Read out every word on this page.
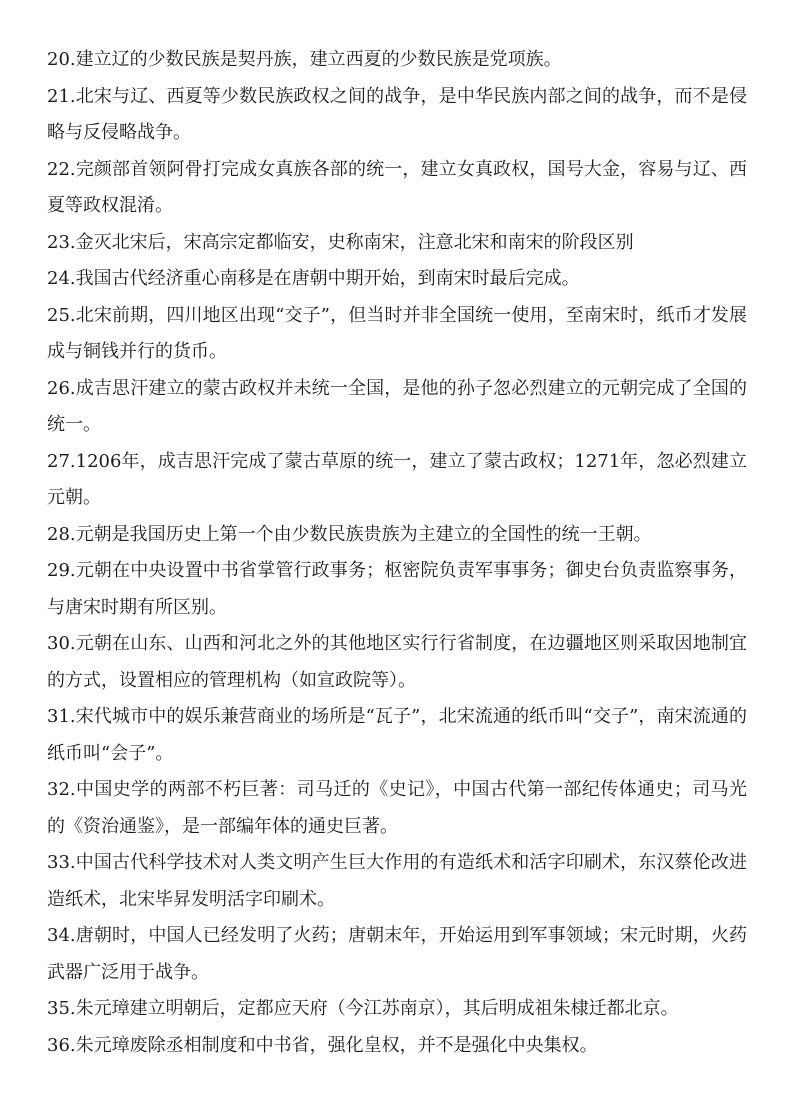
20.建立辽的少数民族是契丹族，建立西夏的少数民族是党项族。

21.北宋与辽、西夏等少数民族政权之间的战争，是中华民族内部之间的战争，而不是侵略与反侵略战争。

22.完颜部首领阿骨打完成女真族各部的统一，建立女真政权，国号大金，容易与辽、西夏等政权混淆。

23.金灭北宋后，宋高宗定都临安，史称南宋，注意北宋和南宋的阶段区别

24.我国古代经济重心南移是在唐朝中期开始，到南宋时最后完成。

25.北宋前期，四川地区出现“交子”，但当时并非全国统一使用，至南宋时，纸币才发展成与铜钱并行的货币。

26.成吉思汗建立的蒙古政权并未统一全国，是他的孙子忽必烈建立的元朝完成了全国的统一。

27.1206年，成吉思汗完成了蒙古草原的统一，建立了蒙古政权；1271年，忽必烈建立元朝。

28.元朝是我国历史上第一个由少数民族贵族为主建立的全国性的统一王朝。

29.元朝在中央设置中书省掌管行政事务；枢密院负责军事事务；御史台负责监察事务，与唐宋时期有所区别。

30.元朝在山东、山西和河北之外的其他地区实行行省制度，在边疆地区则采取因地制宜的方式，设置相应的管理机构（如宣政院等）。

31.宋代城市中的娱乐兼营商业的场所是“瓦子”，北宋流通的纸币叫“交子”，南宋流通的纸币叫“会子”。

32.中国史学的两部不朽巨著：司马迁的《史记》，中国古代第一部纪传体通史；司马光的《资治通鉴》，是一部编年体的通史巨著。

33.中国古代科学技术对人类文明产生巨大作用的有造纸术和活字印刷术，东汉蔡伦改进造纸术，北宋毕昇发明活字印刷术。

34.唐朝时，中国人已经发明了火药；唐朝末年，开始运用到军事领域；宋元时期，火药武器广泛用于战争。

35.朱元璋建立明朝后，定都应天府（今江苏南京），其后明成祖朱棣迁都北京。

36.朱元璋废除丞相制度和中书省，强化皇权，并不是强化中央集权。
